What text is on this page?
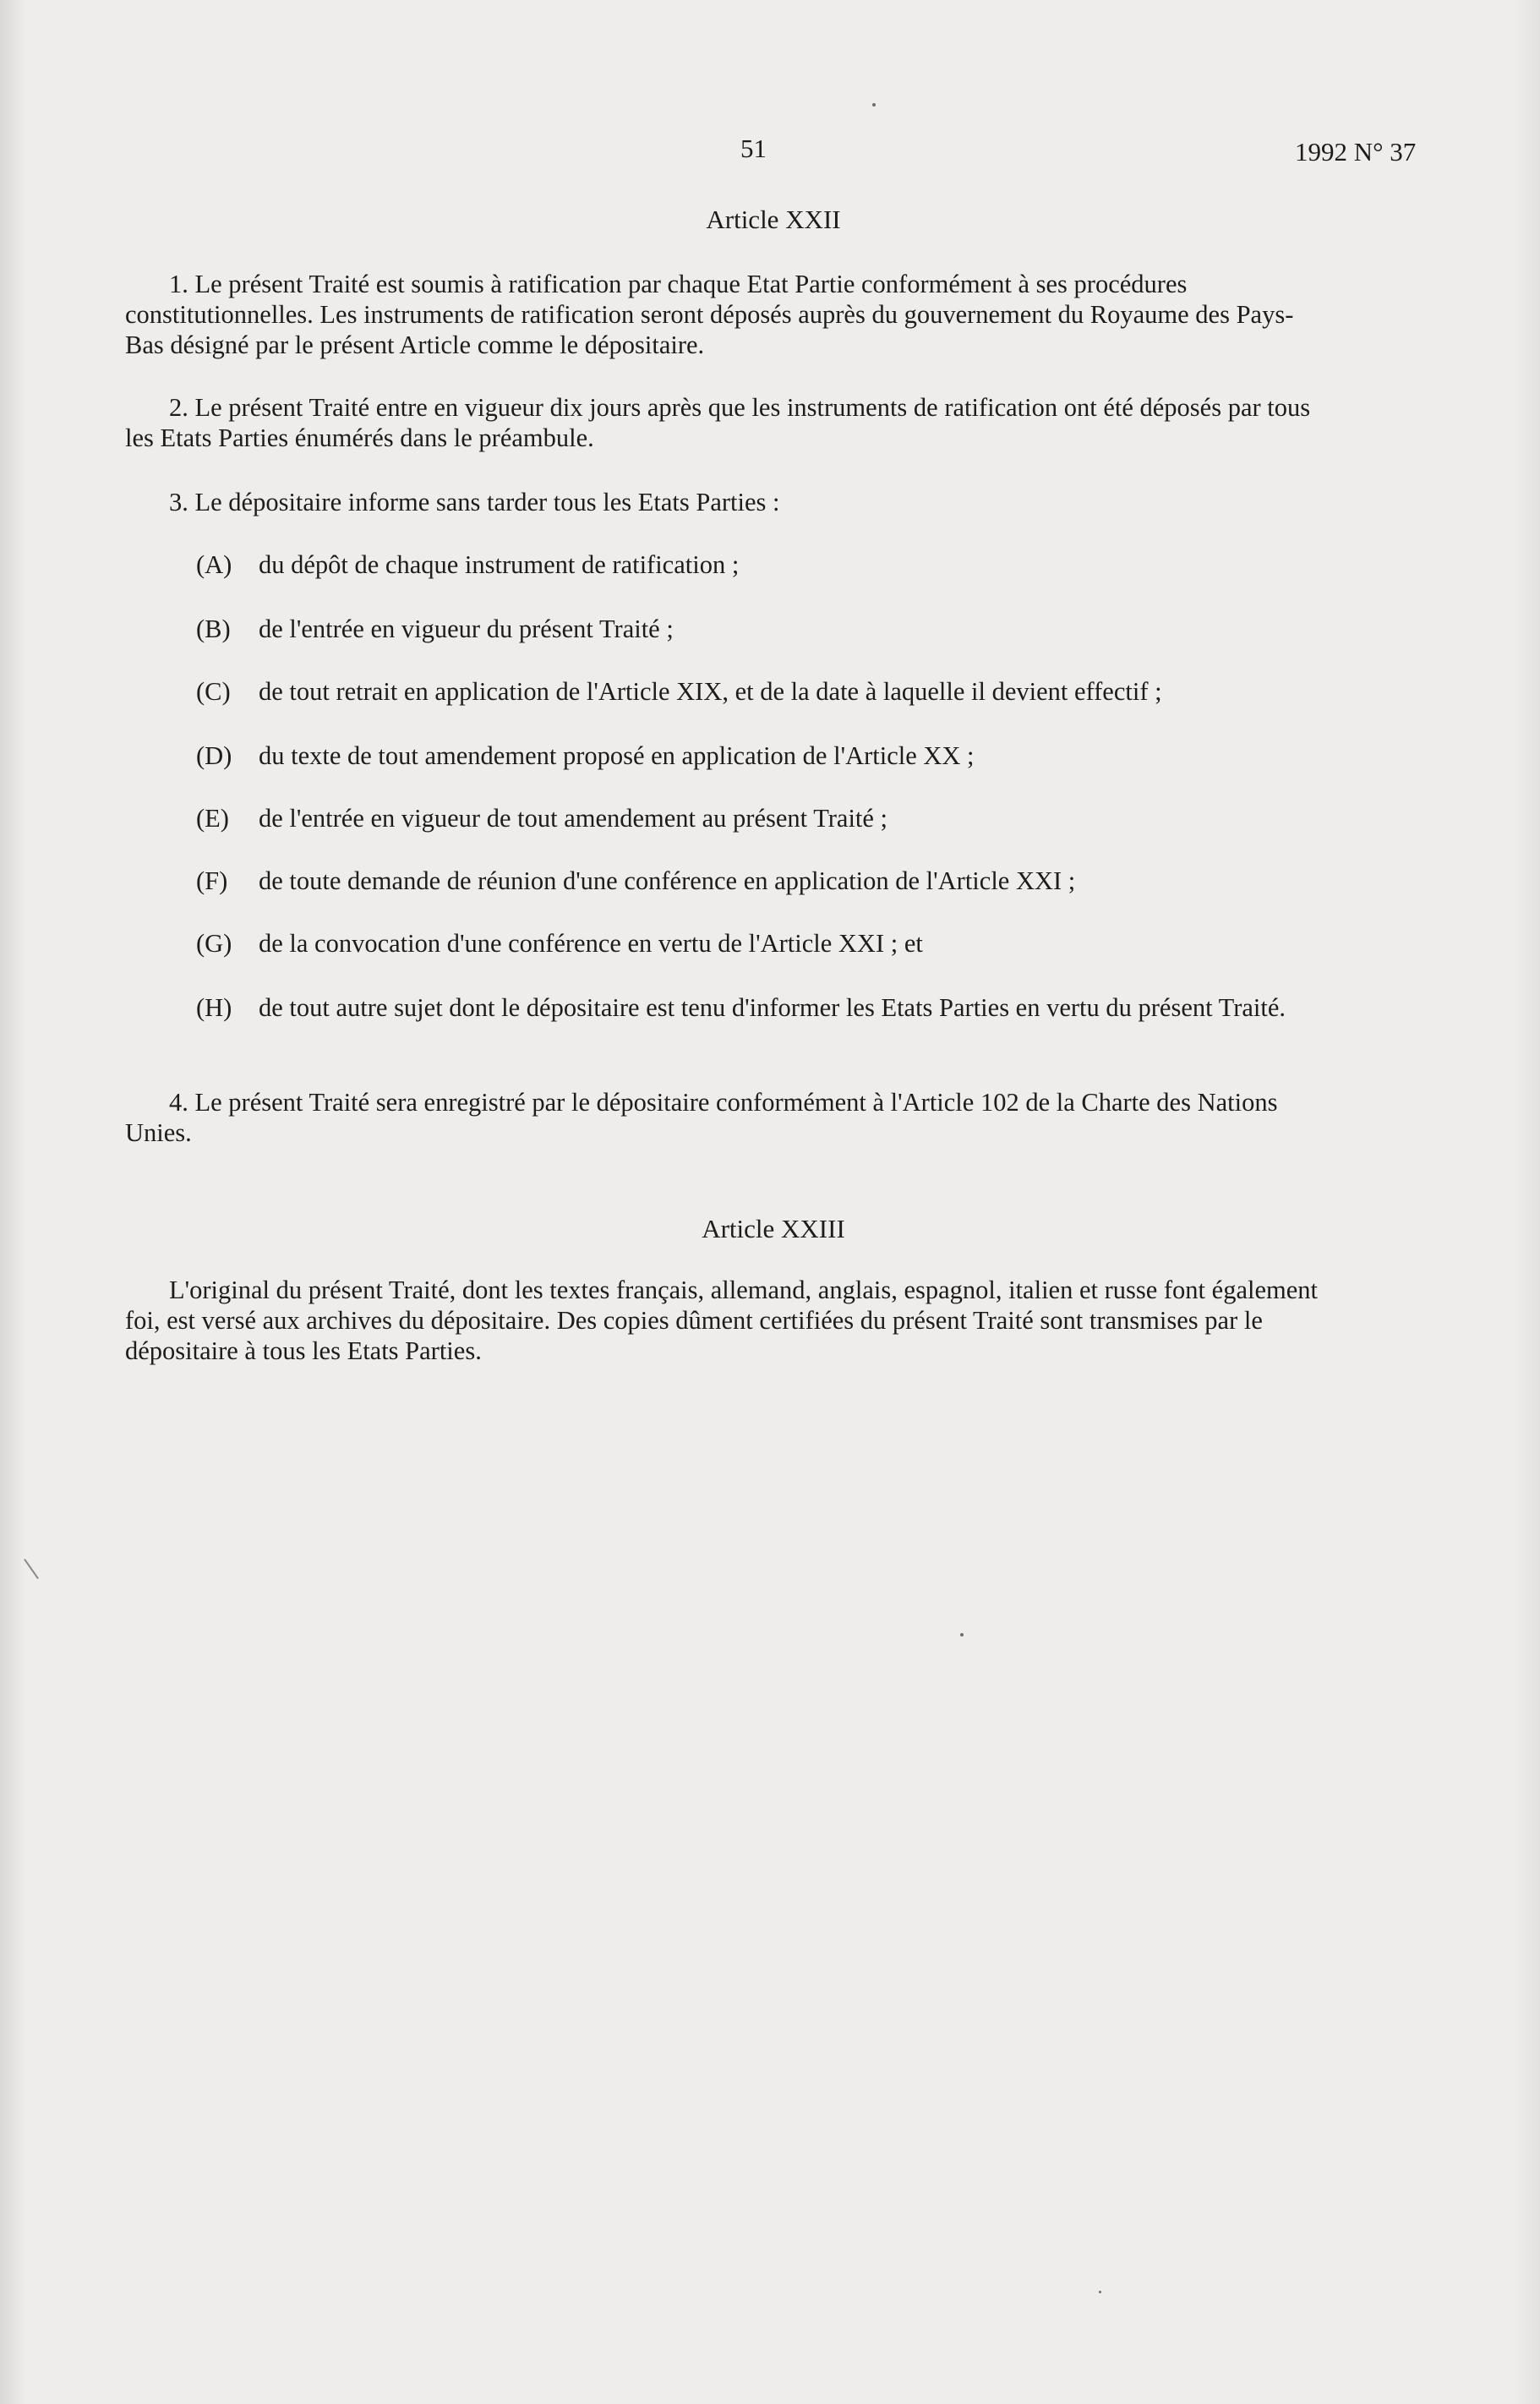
51	1992 N° 37
Article XXII
1. Le présent Traité est soumis à ratification par chaque Etat Partie conformément à ses procédures constitutionnelles. Les instruments de ratification seront déposés auprès du gouvernement du Royaume des Pays-Bas désigné par le présent Article comme le dépositaire.
2. Le présent Traité entre en vigueur dix jours après que les instruments de ratification ont été déposés par tous les Etats Parties énumérés dans le préambule.
3. Le dépositaire informe sans tarder tous les Etats Parties :
(A) du dépôt de chaque instrument de ratification ;
(B) de l'entrée en vigueur du présent Traité ;
(C) de tout retrait en application de l'Article XIX, et de la date à laquelle il devient effectif ;
(D) du texte de tout amendement proposé en application de l'Article XX ;
(E) de l'entrée en vigueur de tout amendement au présent Traité ;
(F) de toute demande de réunion d'une conférence en application de l'Article XXI ;
(G) de la convocation d'une conférence en vertu de l'Article XXI ; et
(H) de tout autre sujet dont le dépositaire est tenu d'informer les Etats Parties en vertu du présent Traité.
4. Le présent Traité sera enregistré par le dépositaire conformément à l'Article 102 de la Charte des Nations Unies.
Article XXIII
L'original du présent Traité, dont les textes français, allemand, anglais, espagnol, italien et russe font également foi, est versé aux archives du dépositaire. Des copies dûment certifiées du présent Traité sont transmises par le dépositaire à tous les Etats Parties.
